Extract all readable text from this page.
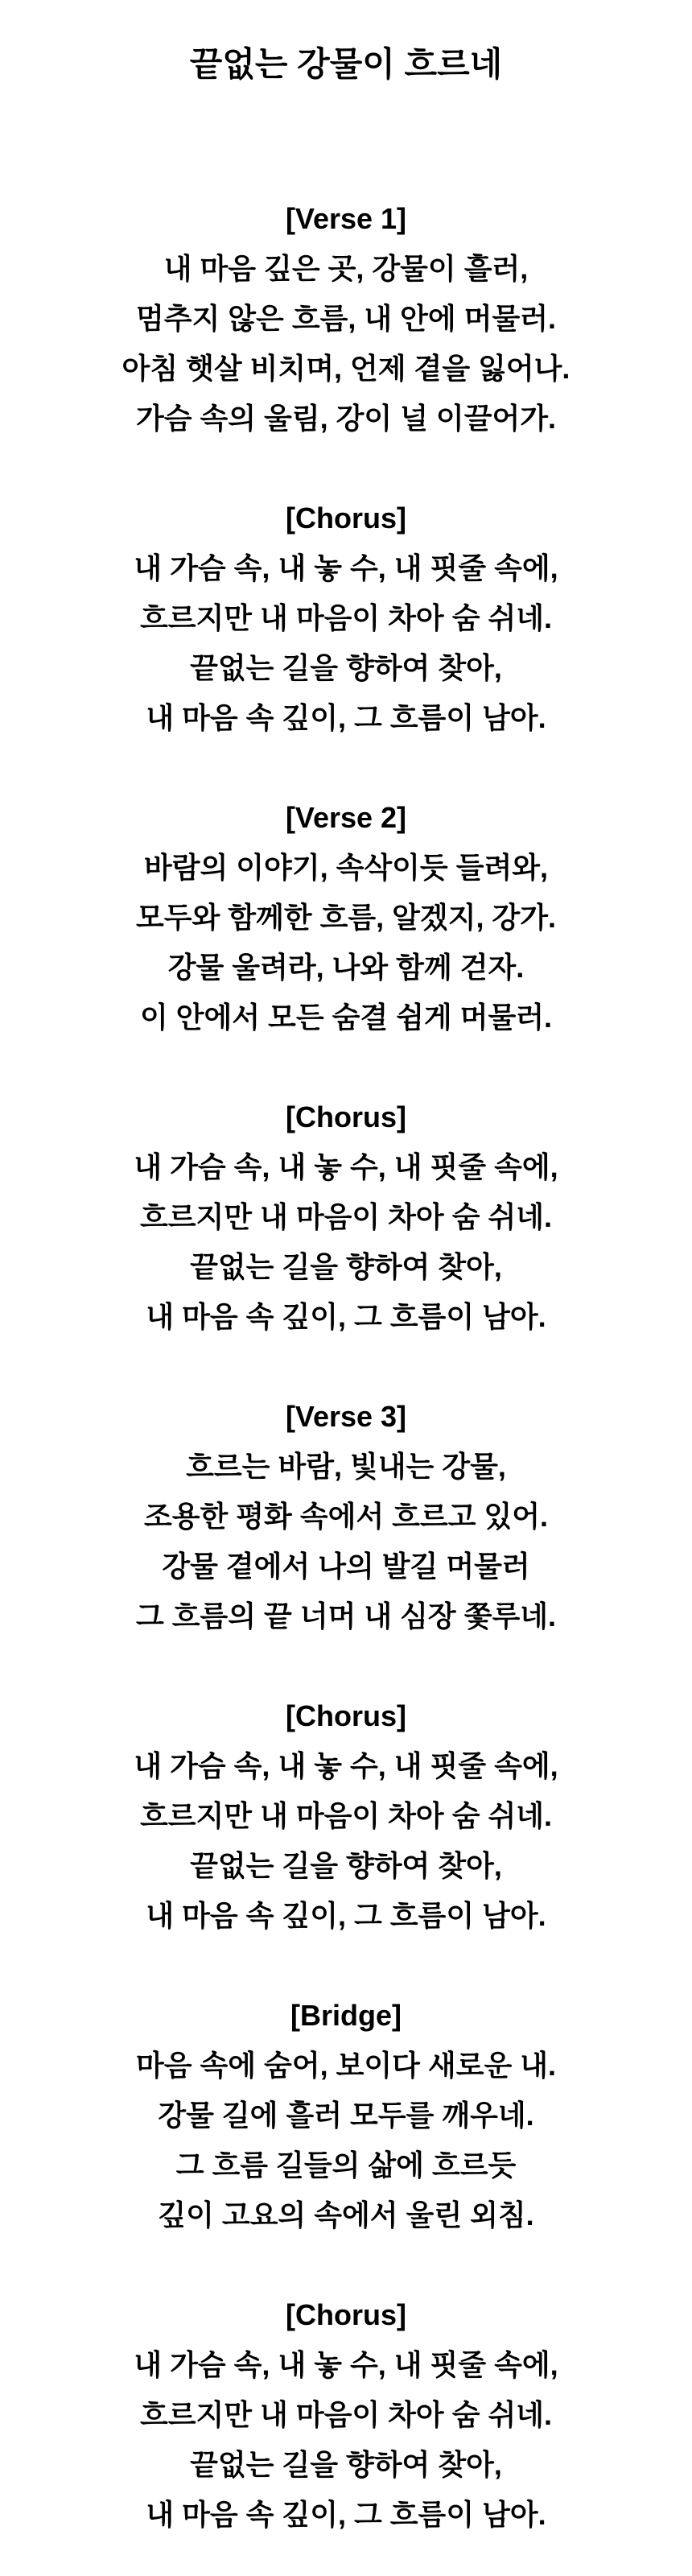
끝없는 강물이 흐르네

[Verse 1]

내 마음 깊은 곳, 강물이 흘러,

멈추지 않은 흐름, 내 안에 머물러.

아침 햇살 비치며, 언제 곁을 잃어나.

가슴 속의 울림, 강이 널 이끌어가.

[Chorus]

내 가슴 속, 내 놓 수, 내 핏줄 속에,

흐르지만 내 마음이 차아 숨 쉬네.

끝없는 길을 향하여 찾아,

내 마음 속 깊이, 그 흐름이 남아.

[Verse 2]

바람의 이야기, 속삭이듯 들려와,

모두와 함께한 흐름, 알겠지, 강가.

강물 울려라, 나와 함께 걷자.

이 안에서 모든 숨결 쉼게 머물러.

[Chorus]

내 가슴 속, 내 놓 수, 내 핏줄 속에,

흐르지만 내 마음이 차아 숨 쉬네.

끝없는 길을 향하여 찾아,

내 마음 속 깊이, 그 흐름이 남아.

[Verse 3]

흐르는 바람, 빛내는 강물,

조용한 평화 속에서 흐르고 있어.

강물 곁에서 나의 발길 머물러

그 흐름의 끝 너머 내 심장 쫓루네.

[Chorus]

내 가슴 속, 내 놓 수, 내 핏줄 속에,

흐르지만 내 마음이 차아 숨 쉬네.

끝없는 길을 향하여 찾아,

내 마음 속 깊이, 그 흐름이 남아.

[Bridge]

마음 속에 숨어, 보이다 새로운 내.

강물 길에 흘러 모두를 깨우네.

그 흐름 길들의 삶에 흐르듯

깊이 고요의 속에서 울린 외침.

[Chorus]

내 가슴 속, 내 놓 수, 내 핏줄 속에,

흐르지만 내 마음이 차아 숨 쉬네.

끝없는 길을 향하여 찾아,

내 마음 속 깊이, 그 흐름이 남아.
